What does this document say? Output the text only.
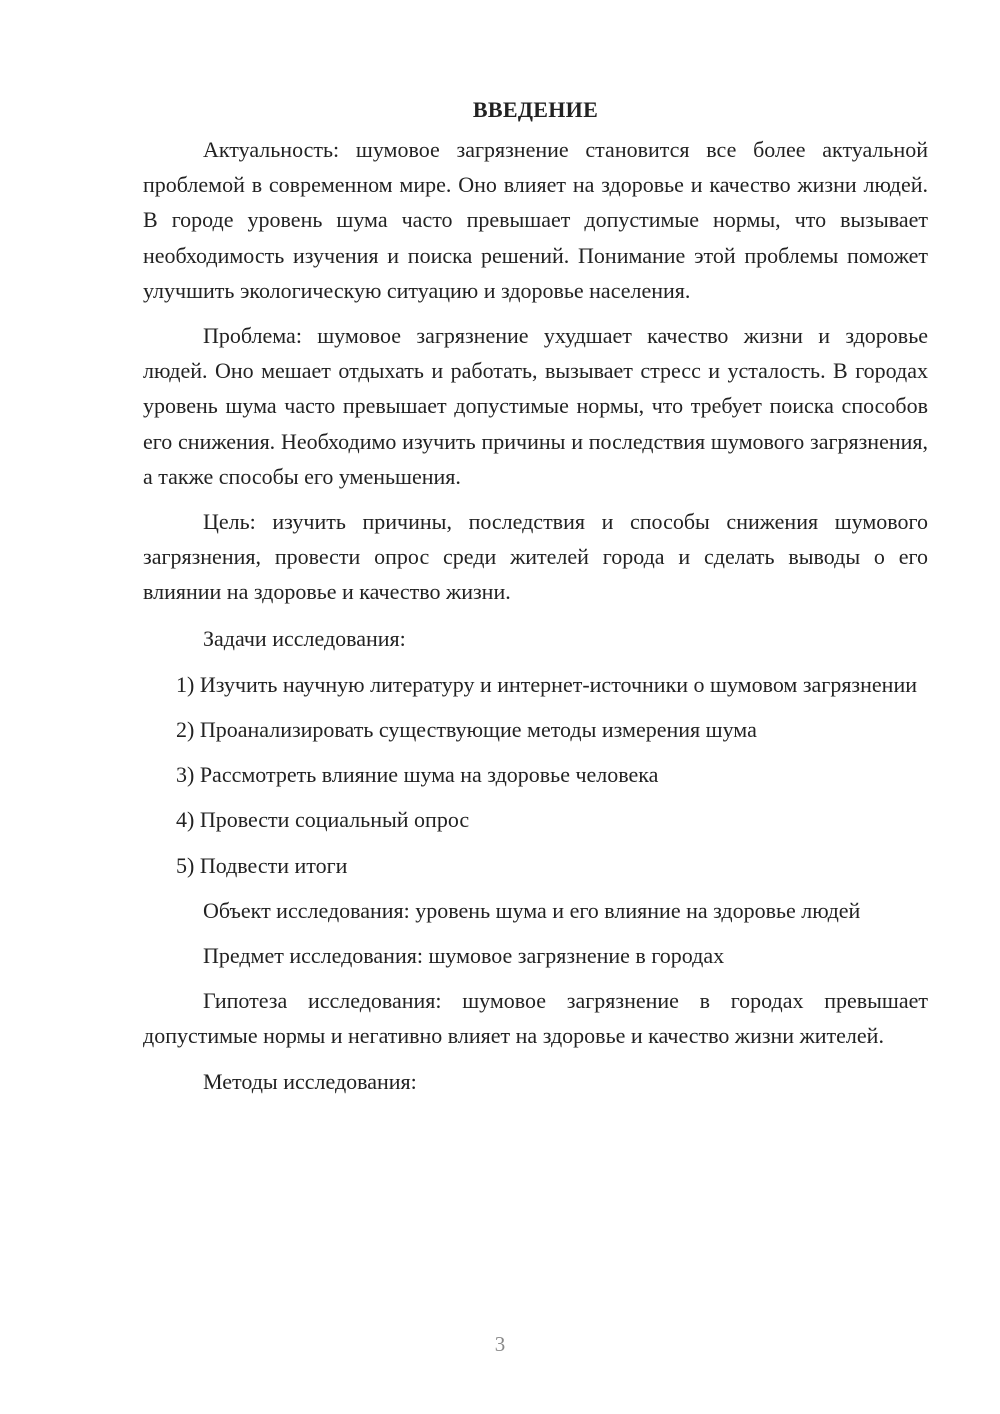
ВВЕДЕНИЕ

Актуальность: шумовое загрязнение становится все более актуальной проблемой в современном мире. Оно влияет на здоровье и качество жизни людей. В городе уровень шума часто превышает допустимые нормы, что вызывает необходимость изучения и поиска решений. Понимание этой проблемы поможет улучшить экологическую ситуацию и здоровье населения.

Проблема: шумовое загрязнение ухудшает качество жизни и здоровье людей. Оно мешает отдыхать и работать, вызывает стресс и усталость. В городах уровень шума часто превышает допустимые нормы, что требует поиска способов его снижения. Необходимо изучить причины и последствия шумового загрязнения, а также способы его уменьшения.

Цель: изучить причины, последствия и способы снижения шумового загрязнения, провести опрос среди жителей города и сделать выводы о его влиянии на здоровье и качество жизни.

Задачи исследования:

1) Изучить научную литературу и интернет-источники о шумовом загрязнении

2) Проанализировать существующие методы измерения шума

3) Рассмотреть влияние шума на здоровье человека

4) Провести социальный опрос

5) Подвести итоги

Объект исследования: уровень шума и его влияние на здоровье людей

Предмет исследования: шумовое загрязнение в городах

Гипотеза исследования: шумовое загрязнение в городах превышает допустимые нормы и негативно влияет на здоровье и качество жизни жителей.

Методы исследования:

3
